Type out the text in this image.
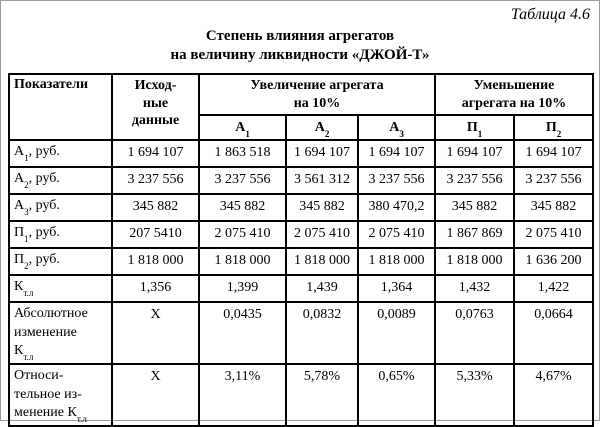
Таблица 4.6
Степень влияния агрегатов
на величину ликвидности «ДЖОЙ-Т»
Показатели	Исход-
ные
данные

Увеличение агрегата
на 10%

Уменьшение
агрегата на 10%

		$А_1$	$А_2$	$А_3$	$П_1$	$П_2$
$А_1$, руб.	1 694 107	1 863 518	1 694 107	1 694 107	1 694 107	1 694 107
$А_2$, руб.	3 237 556	3 237 556	3 561 312	3 237 556	3 237 556	3 237 556
$А_3$, руб.	345 882	345 882	345 882	380 470,2	345 882	345 882
$П_1$, руб.	207 5410	2 075 410	2 075 410	2 075 410	1 867 869	2 075 410
$П_2$, руб.	1 818 000	1 818 000	1 818 000	1 818 000	1 818 000	1 636 200
$К_{т.л}$	1,356	1,399	1,439	1,364	1,432	1,422

Абсолютное
изменение
$К_{т.л}$	Х	0,0435	0,0832	0,0089	0,0763	0,0664

Относи-
тельное из-
менение $К_{т.л}$	Х	3,11%	5,78%	0,65%	5,33%	4,67%
